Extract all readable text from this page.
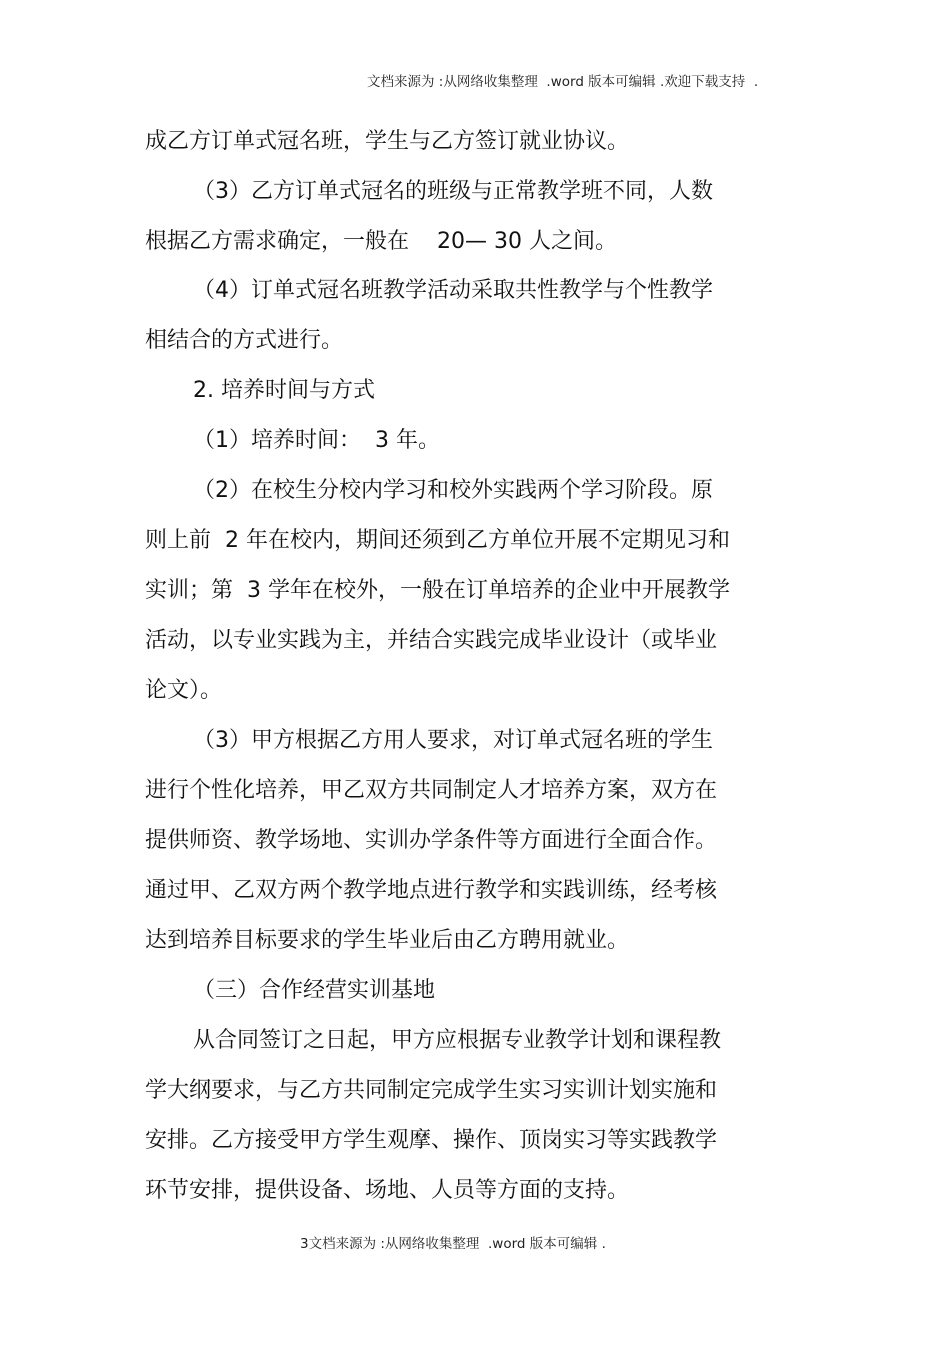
文档来源为 :从网络收集整理  .word 版本可编辑 .欢迎下载支持  .
成乙方订单式冠名班，学生与乙方签订就业协议。
（3）乙方订单式冠名的班级与正常教学班不同，人数
根据乙方需求确定，一般在    20— 30 人之间。
（4）订单式冠名班教学活动采取共性教学与个性教学
相结合的方式进行。
2. 培养时间与方式
（1）培养时间：  3 年。
（2）在校生分校内学习和校外实践两个学习阶段。原
则上前  2 年在校内，期间还须到乙方单位开展不定期见习和
实训；第  3 学年在校外，一般在订单培养的企业中开展教学
活动，以专业实践为主，并结合实践完成毕业设计（或毕业
论文）。
（3）甲方根据乙方用人要求，对订单式冠名班的学生
进行个性化培养，甲乙双方共同制定人才培养方案，双方在
提供师资、教学场地、实训办学条件等方面进行全面合作。
通过甲、乙双方两个教学地点进行教学和实践训练，经考核
达到培养目标要求的学生毕业后由乙方聘用就业。
（三）合作经营实训基地
从合同签订之日起，甲方应根据专业教学计划和课程教
学大纲要求，与乙方共同制定完成学生实习实训计划实施和
安排。乙方接受甲方学生观摩、操作、顶岗实习等实践教学
环节安排，提供设备、场地、人员等方面的支持。
3文档来源为 :从网络收集整理  .word 版本可编辑 .
